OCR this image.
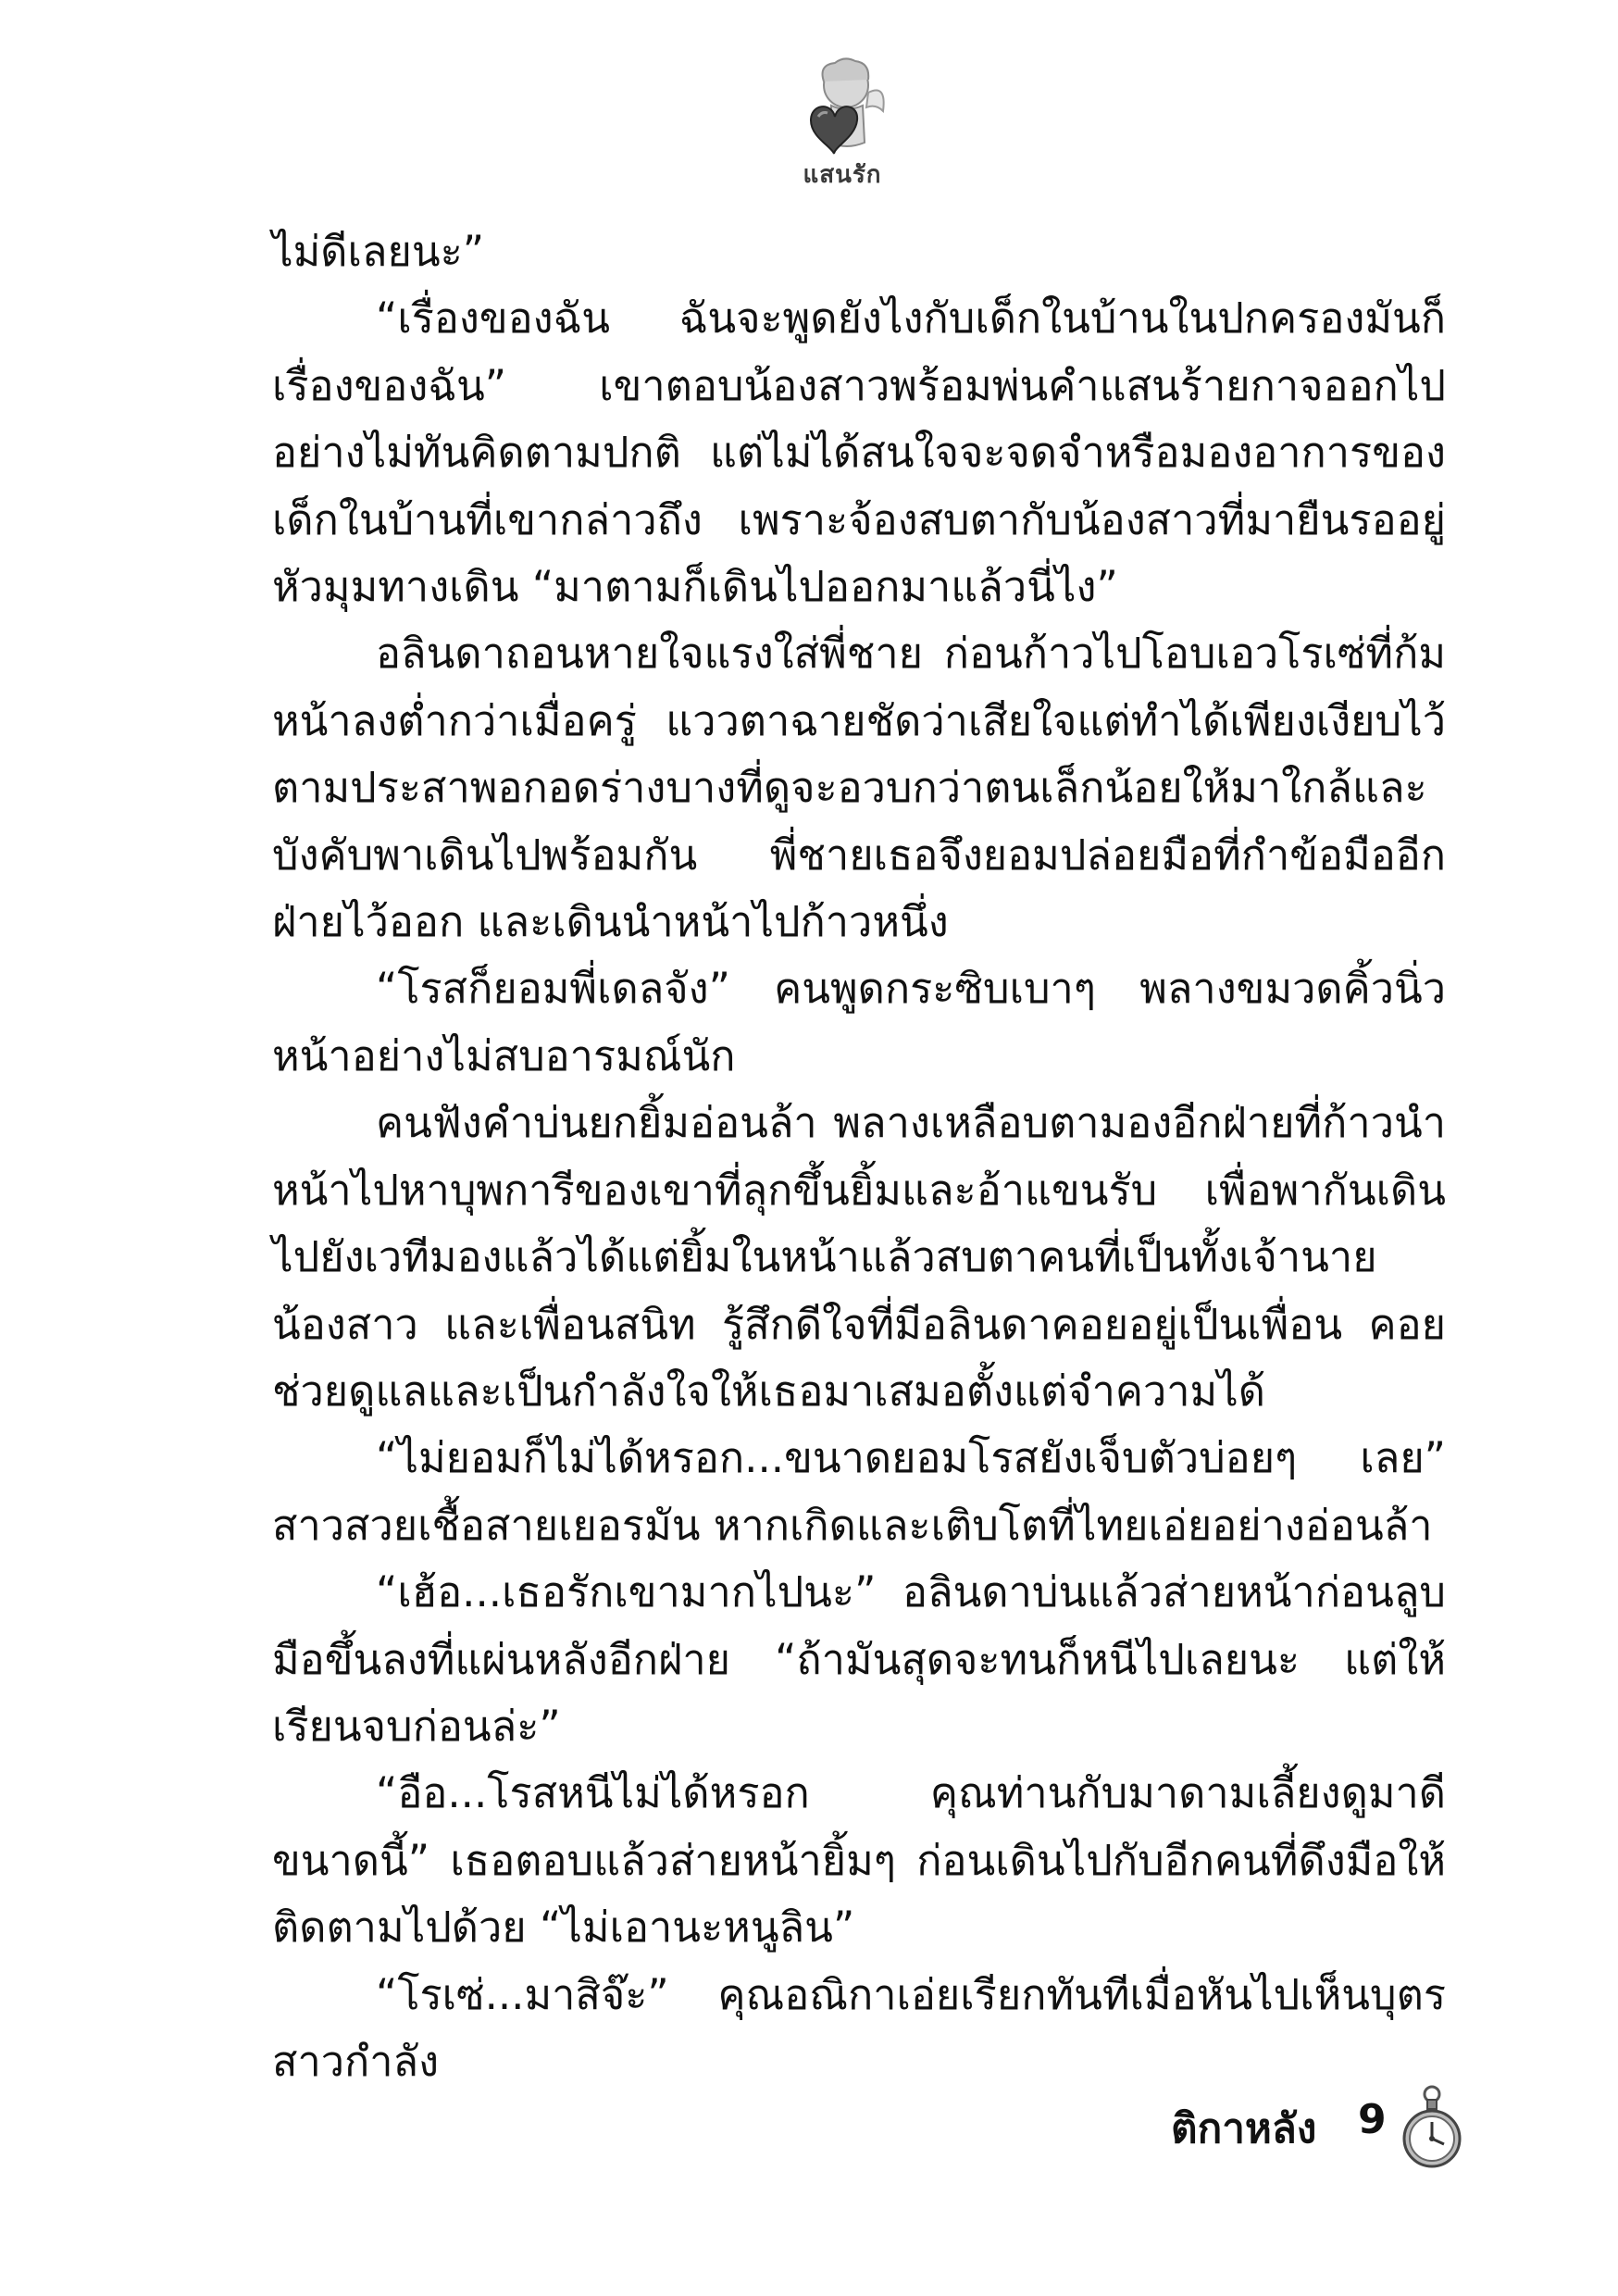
แสนรัก

ไม่ดีเลยนะ”

“เรื่องของฉัน ฉันจะพูดยังไงกับเด็กในบ้านในปกครองมันก็เรื่องของฉัน” เขาตอบน้องสาวพร้อมพ่นคำแสนร้ายกาจออกไปอย่างไม่ทันคิดตามปกติ แต่ไม่ได้สนใจจะจดจำหรือมองอาการของเด็กในบ้านที่เขากล่าวถึง เพราะจ้องสบตากับน้องสาวที่มายืนรออยู่หัวมุมทางเดิน “มาตามก็เดินไปออกมาแล้วนี่ไง”

อลินดาถอนหายใจแรงใส่พี่ชาย ก่อนก้าวไปโอบเอวโรเซ่ที่ก้มหน้าลงต่ำกว่าเมื่อครู่ แววตาฉายชัดว่าเสียใจแต่ทำได้เพียงเงียบไว้ตามประสาพอกอดร่างบางที่ดูจะอวบกว่าตนเล็กน้อยให้มาใกล้และบังคับพาเดินไปพร้อมกัน พี่ชายเธอจึงยอมปล่อยมือที่กำข้อมืออีกฝ่ายไว้ออก และเดินนำหน้าไปก้าวหนึ่ง

“โรสก็ยอมพี่เดลจัง” คนพูดกระซิบเบาๆ พลางขมวดคิ้วนิ่วหน้าอย่างไม่สบอารมณ์นัก

คนฟังคำบ่นยกยิ้มอ่อนล้า พลางเหลือบตามองอีกฝ่ายที่ก้าวนำหน้าไปหาบุพการีของเขาที่ลุกขึ้นยิ้มและอ้าแขนรับ เพื่อพากันเดินไปยังเวทีมองแล้วได้แต่ยิ้มในหน้าแล้วสบตาคนที่เป็นทั้งเจ้านาย น้องสาว และเพื่อนสนิท รู้สึกดีใจที่มีอลินดาคอยอยู่เป็นเพื่อน คอยช่วยดูแลและเป็นกำลังใจให้เธอมาเสมอตั้งแต่จำความได้

“ไม่ยอมก็ไม่ได้หรอก...ขนาดยอมโรสยังเจ็บตัวบ่อยๆ เลย” สาวสวยเชื้อสายเยอรมัน หากเกิดและเติบโตที่ไทยเอ่ยอย่างอ่อนล้า

“เฮ้อ...เธอรักเขามากไปนะ” อลินดาบ่นแล้วส่ายหน้าก่อนลูบมือขึ้นลงที่แผ่นหลังอีกฝ่าย “ถ้ามันสุดจะทนก็หนีไปเลยนะ แต่ให้เรียนจบก่อนล่ะ”

“อือ...โรสหนีไม่ได้หรอก คุณท่านกับมาดามเลี้ยงดูมาดีขนาดนี้” เธอตอบแล้วส่ายหน้ายิ้มๆ ก่อนเดินไปกับอีกคนที่ดึงมือให้ติดตามไปด้วย “ไม่เอานะหนูลิน”

“โรเซ่...มาสิจ๊ะ” คุณอณิกาเอ่ยเรียกทันทีเมื่อหันไปเห็นบุตรสาวกำลัง

ติกาหลัง 9
